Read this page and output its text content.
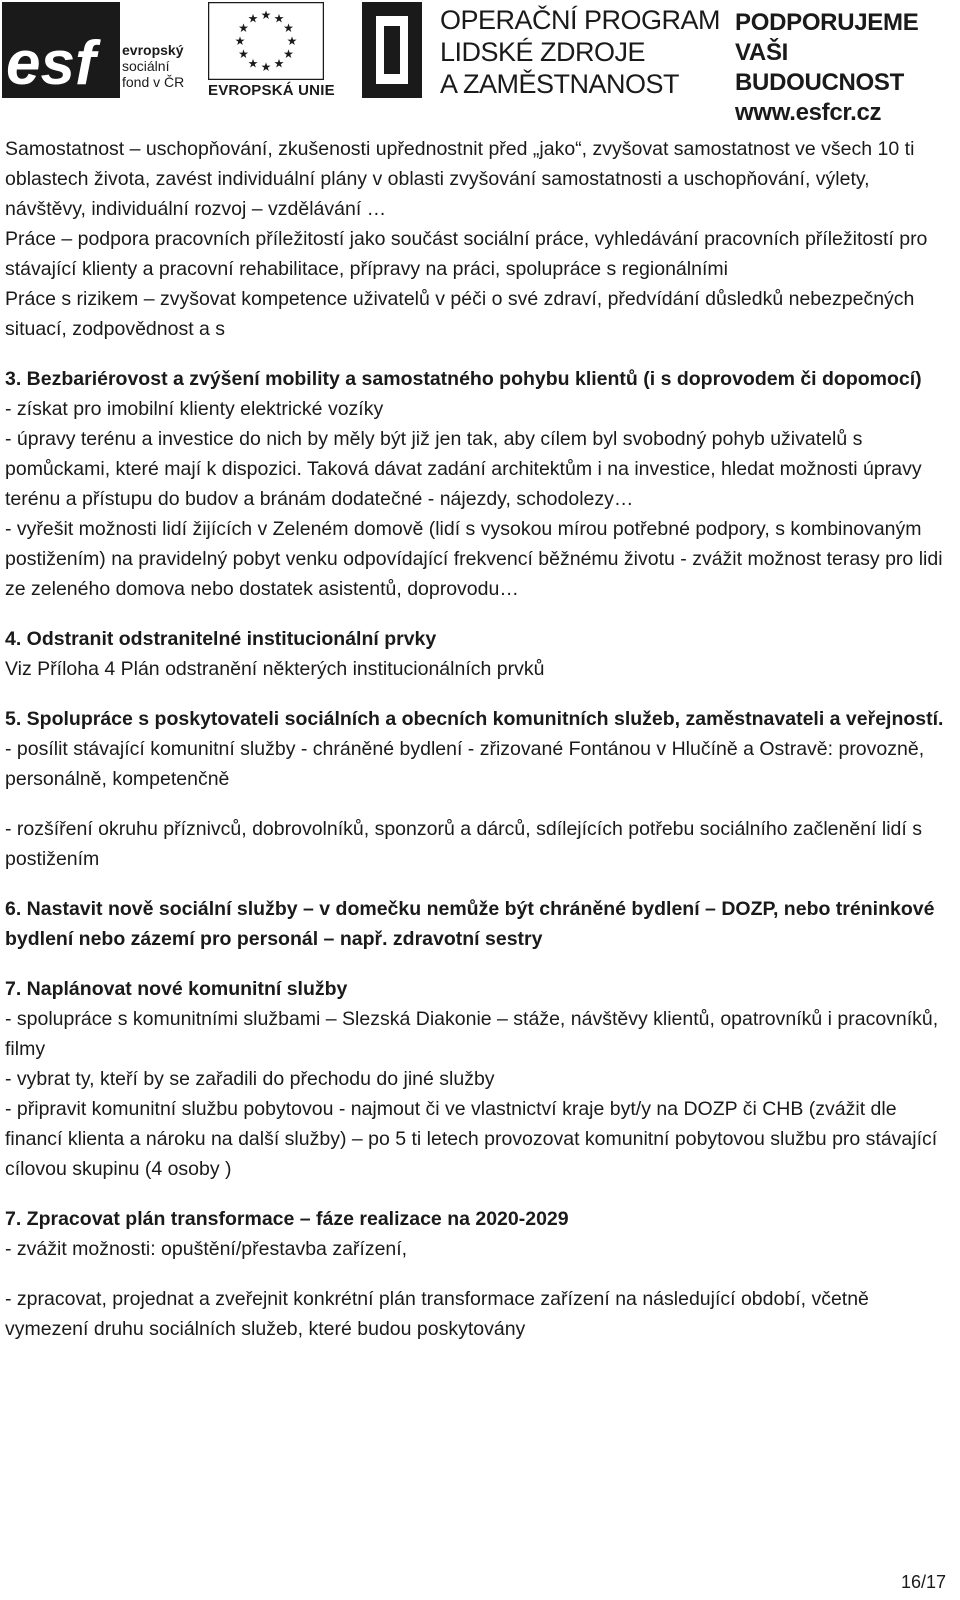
esf	evropský
sociální
fond v ČR
★ ★
★
★
★
★
★
★
★
★
★
★
EVROPSKÁ UNIE
OPERAČNÍ PROGRAM
LIDSKÉ ZDROJE
A ZAMĚSTNANOST
PODPORUJEME
VAŠI BUDOUCNOST
www.esfcr.cz

Samostatnost – uschopňování, zkušenosti upřednostnit před „jako“, zvyšovat samostatnost ve všech 10 ti oblastech života, zavést individuální plány v oblasti zvyšování samostatnosti a uschopňování, výlety, návštěvy, individuální rozvoj – vzdělávání …

Práce – podpora pracovních příležitostí jako součást sociální práce, vyhledávání pracovních příležitostí pro stávající klienty a pracovní rehabilitace, přípravy na práci, spolupráce s regionálními

Práce s rizikem – zvyšovat kompetence uživatelů v péči o své zdraví, předvídání důsledků nebezpečných situací, zodpovědnost a s

3. Bezbariérovost a zvýšení mobility a samostatného pohybu klientů (i s doprovodem či dopomocí)

- získat pro imobilní klienty elektrické vozíky

- úpravy terénu a investice do nich by měly být již jen tak, aby cílem byl svobodný pohyb uživatelů s pomůckami, které mají k dispozici. Taková dávat zadání architektům i na investice, hledat možnosti úpravy terénu a přístupu do budov a bránám dodatečné - nájezdy, schodolezy…

- vyřešit možnosti lidí žijících v Zeleném domově (lidí s vysokou mírou potřebné podpory, s kombinovaným postižením) na pravidelný pobyt venku odpovídající frekvencí běžnému životu - zvážit možnost terasy pro lidi ze zeleného domova nebo dostatek asistentů, doprovodu…

4. Odstranit odstranitelné institucionální prvky

Viz Příloha 4 Plán odstranění některých institucionálních prvků

5. Spolupráce s poskytovateli sociálních a obecních komunitních služeb, zaměstnavateli a veřejností.

- posílit stávající komunitní služby - chráněné bydlení - zřizované Fontánou v Hlučíně a Ostravě: provozně, personálně, kompetenčně

- rozšíření okruhu příznivců, dobrovolníků, sponzorů a dárců, sdílejících potřebu sociálního začlenění lidí s postižením

6. Nastavit nově sociální služby – v domečku nemůže být chráněné bydlení – DOZP, nebo tréninkové bydlení nebo zázemí pro personál – např. zdravotní sestry

7. Naplánovat nové komunitní služby

- spolupráce s komunitními službami – Slezská Diakonie – stáže, návštěvy klientů, opatrovníků i pracovníků, filmy

- vybrat ty, kteří by se zařadili do přechodu do jiné služby

- připravit komunitní službu pobytovou - najmout či ve vlastnictví kraje byt/y na DOZP či CHB (zvážit dle financí klienta a nároku na další služby) – po 5 ti letech provozovat komunitní pobytovou službu pro stávající cílovou skupinu (4 osoby )

7. Zpracovat plán transformace – fáze realizace na 2020-2029

- zvážit možnosti: opuštění/přestavba zařízení,

- zpracovat, projednat a zveřejnit konkrétní plán transformace zařízení na následující období, včetně vymezení druhu sociálních služeb, které budou poskytovány

16/17
